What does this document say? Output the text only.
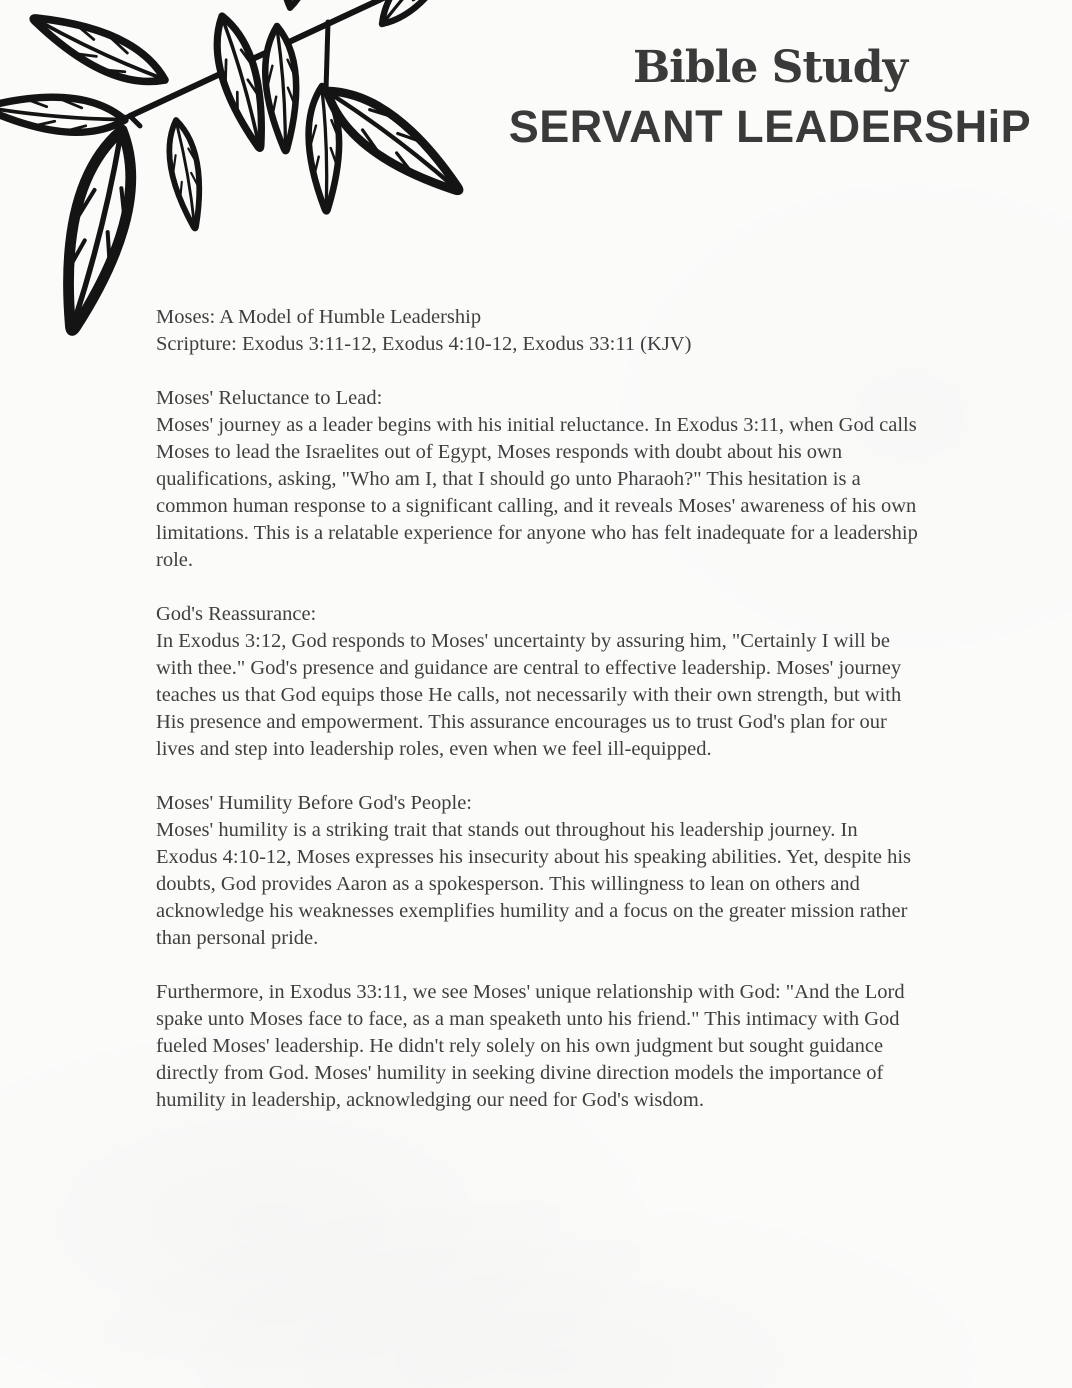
Bible Study
SERVANT LEADERSHiP
Moses: A Model of Humble Leadership
Scripture: Exodus 3:11-12, Exodus 4:10-12, Exodus 33:11 (KJV)
Moses' Reluctance to Lead:
Moses' journey as a leader begins with his initial reluctance. In Exodus 3:11, when God calls Moses to lead the Israelites out of Egypt, Moses responds with doubt about his own qualifications, asking, "Who am I, that I should go unto Pharaoh?" This hesitation is a common human response to a significant calling, and it reveals Moses' awareness of his own limitations. This is a relatable experience for anyone who has felt inadequate for a leadership role.
God's Reassurance:
In Exodus 3:12, God responds to Moses' uncertainty by assuring him, "Certainly I will be with thee." God's presence and guidance are central to effective leadership. Moses' journey teaches us that God equips those He calls, not necessarily with their own strength, but with His presence and empowerment. This assurance encourages us to trust God's plan for our lives and step into leadership roles, even when we feel ill-equipped.
Moses' Humility Before God's People:
Moses' humility is a striking trait that stands out throughout his leadership journey. In Exodus 4:10-12, Moses expresses his insecurity about his speaking abilities. Yet, despite his doubts, God provides Aaron as a spokesperson. This willingness to lean on others and acknowledge his weaknesses exemplifies humility and a focus on the greater mission rather than personal pride.
Furthermore, in Exodus 33:11, we see Moses' unique relationship with God: "And the Lord spake unto Moses face to face, as a man speaketh unto his friend." This intimacy with God fueled Moses' leadership. He didn't rely solely on his own judgment but sought guidance directly from God. Moses' humility in seeking divine direction models the importance of humility in leadership, acknowledging our need for God's wisdom.
